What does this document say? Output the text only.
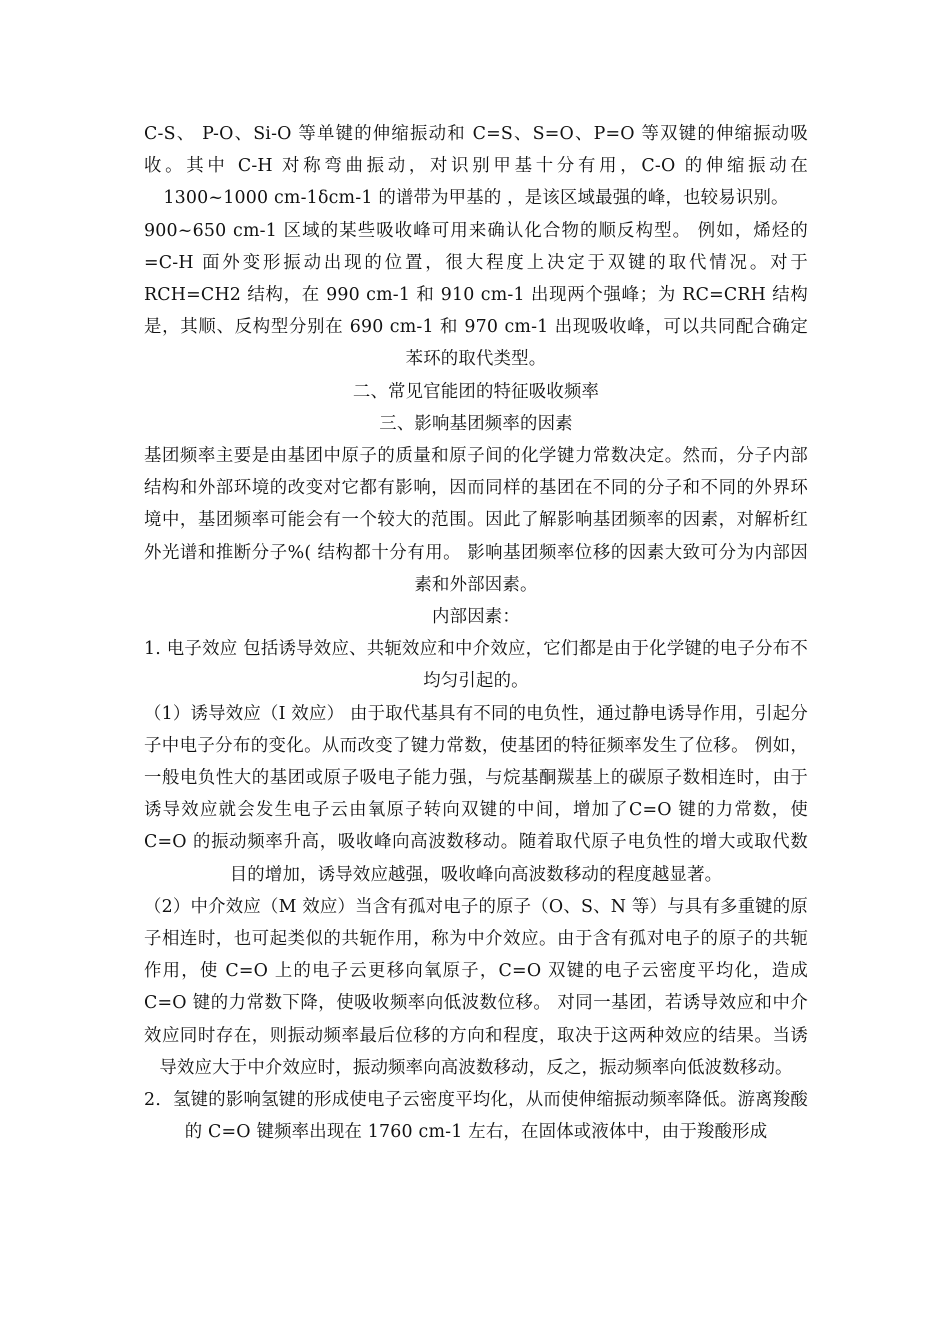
C-S、 P-O、Si-O 等单键的伸缩振动和 C=S、S=O、P=O 等双键的伸缩振动吸收。其中 C-H 对称弯曲振动，对识别甲基十分有用，C-O 的伸缩振动在 1300~1000 cm-1δcm-1 的谱带为甲基的 ，是该区域最强的峰，也较易识别。

900~650 cm-1 区域的某些吸收峰可用来确认化合物的顺反构型。 例如，烯烃的=C-H 面外变形振动出现的位置，很大程度上决定于双键的取代情况。对于RCH=CH2 结构，在 990 cm-1 和 910 cm-1 出现两个强峰；为 RC=CRH 结构是，其顺、反构型分别在 690 cm-1 和 970 cm-1 出现吸收峰，可以共同配合确定苯环的取代类型。

二、常见官能团的特征吸收频率

三、影响基团频率的因素

基团频率主要是由基团中原子的质量和原子间的化学键力常数决定。然而，分子内部结构和外部环境的改变对它都有影响，因而同样的基团在不同的分子和不同的外界环境中，基团频率可能会有一个较大的范围。因此了解影响基团频率的因素，对解析红外光谱和推断分子%( 结构都十分有用。 影响基团频率位移的因素大致可分为内部因素和外部因素。

内部因素：

1. 电子效应 包括诱导效应、共轭效应和中介效应，它们都是由于化学键的电子分布不均匀引起的。

（1）诱导效应（I 效应） 由于取代基具有不同的电负性，通过静电诱导作用，引起分子中电子分布的变化。从而改变了键力常数，使基团的特征频率发生了位移。 例如，一般电负性大的基团或原子吸电子能力强，与烷基酮羰基上的碳原子数相连时，由于诱导效应就会发生电子云由氧原子转向双键的中间，增加了C=O 键的力常数，使 C=O 的振动频率升高，吸收峰向高波数移动。随着取代原子电负性的增大或取代数目的增加，诱导效应越强，吸收峰向高波数移动的程度越显著。

（2）中介效应（M 效应）当含有孤对电子的原子（O、S、N 等）与具有多重键的原子相连时，也可起类似的共轭作用，称为中介效应。由于含有孤对电子的原子的共轭作用，使 C=O 上的电子云更移向氧原子，C=O 双键的电子云密度平均化，造成 C=O 键的力常数下降，使吸收频率向低波数位移。 对同一基团，若诱导效应和中介效应同时存在，则振动频率最后位移的方向和程度，取决于这两种效应的结果。当诱导效应大于中介效应时，振动频率向高波数移动，反之，振动频率向低波数移动。

2．氢键的影响氢键的形成使电子云密度平均化，从而使伸缩振动频率降低。游离羧酸的 C=O 键频率出现在 1760 cm-1 左右，在固体或液体中，由于羧酸形成
